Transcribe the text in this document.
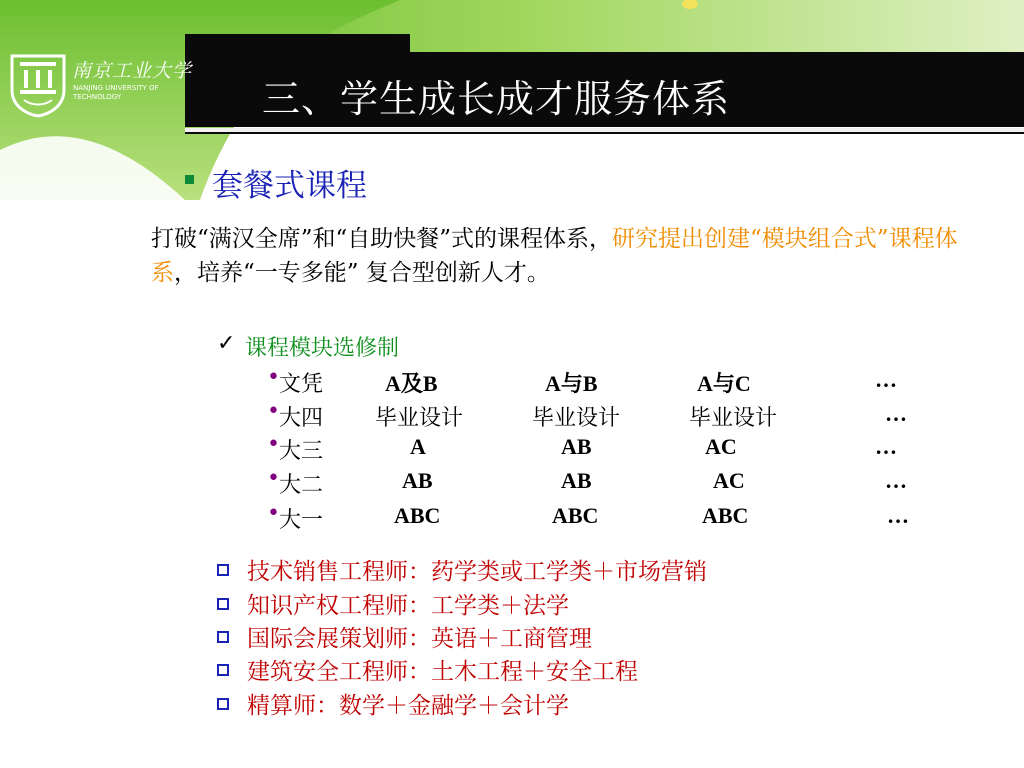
三、学生成长成才服务体系
南京工业大学
NANJING UNIVERSITY OF TECHNOLOGY
套餐式课程
打破“满汉全席”和“自助快餐”式的课程体系，研究提出创建“模块组合式”课程体系，培养“一专多能” 复合型创新人才。
✓ 课程模块选修制
• 文凭	A及B	A与B	A与C	…
• 大四 毕业设计	毕业设计	毕业设计	…
• 大三	A	AB	AC	…
• 大二	AB	AB	AC	…
• 大一	ABC	ABC	ABC	…
技术销售工程师：药学类或工学类＋市场营销
知识产权工程师：工学类＋法学
国际会展策划师：英语＋工商管理
建筑安全工程师：土木工程＋安全工程
精算师：数学＋金融学＋会计学
